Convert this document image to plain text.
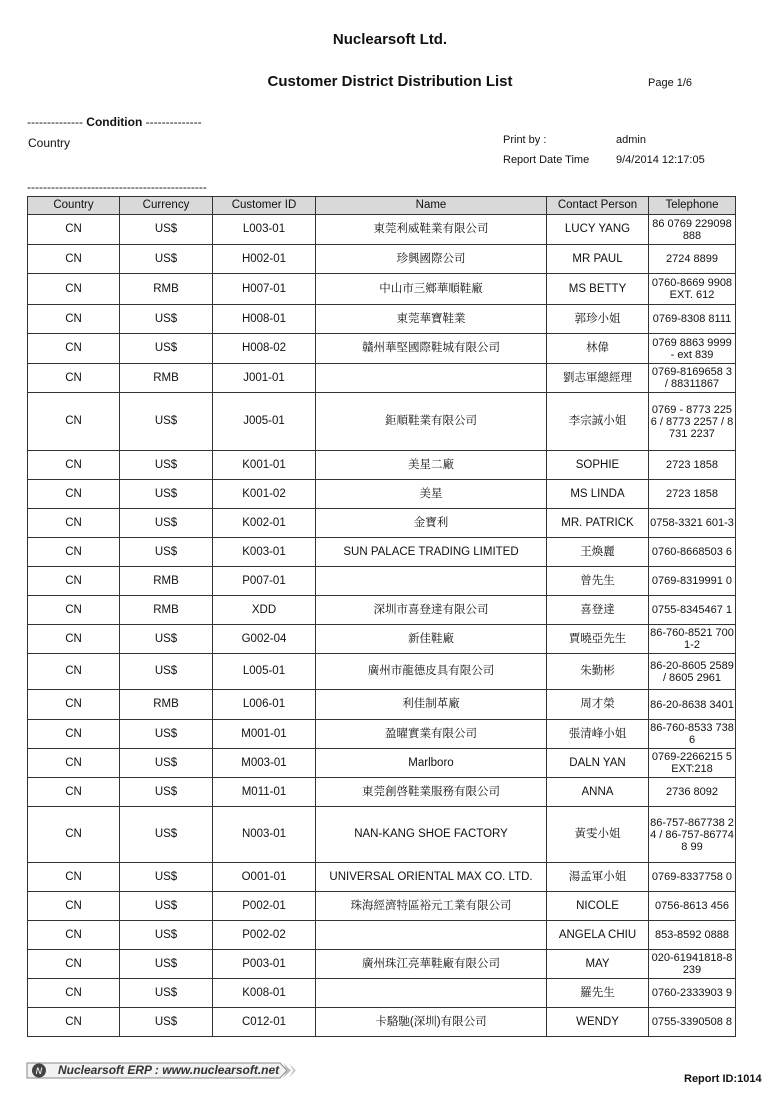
Nuclearsoft Ltd.
Customer District Distribution List	Page 1/6
-------------- Condition --------------
Country	Print by :	admin
Report Date Time 9/4/2014 12:17:05
---------------------------------------------
Country	Currency	Customer ID	Name	Contact Person	Telephone
CN	US$	L003-01	東莞利威鞋業有限公司	LUCY YANG	86 0769 229098888
CN	US$	H002-01	珍興國際公司	MR PAUL	2724 8899
CN	RMB	H007-01	中山市三鄉華順鞋廠	MS BETTY	0760-8669 9908 EXT. 612
CN	US$	H008-01	東莞華寶鞋業	郭珍小姐	0769-8308 8111
CN	US$	H008-02	贛州華堅國際鞋城有限公司	林偉	0769 8863 9999 - ext 839
CN	RMB	J001-01		劉志軍總經理	0769-8169658 3 / 88311867
CN	US$	J005-01	鉅順鞋業有限公司	李宗誠小姐	0769 - 8773 2256 / 8773 2257 / 8731 2237
CN	US$	K001-01	美星二廠	SOPHIE	2723 1858
CN	US$	K001-02	美星	MS LINDA	2723 1858
CN	US$	K002-01	金寶利	MR. PATRICK	0758-3321 601-3
CN	US$	K003-01	SUN PALACE TRADING LIMITED	王煥麗	0760-8668503 6
CN	RMB	P007-01		曾先生	0769-8319991 0
CN	RMB	XDD	深圳市喜登達有限公司	喜登達	0755-8345467 1
CN	US$	G002-04	新佳鞋廠	賈曉亞先生	86-760-8521 7001-2
CN	US$	L005-01	廣州市龍德皮具有限公司	朱勤彬	86-20-8605 2589 / 8605 2961
CN	RMB	L006-01	利佳制革廠	周才榮	86-20-8638 3401
CN	US$	M001-01	盈曜實業有限公司	張清峰小姐	86-760-8533 7386
CN	US$	M003-01	Marlboro	DALN YAN	0769-2266215 5 EXT:218
CN	US$	M011-01	東莞創啓鞋業服務有限公司	ANNA	2736 8092
CN	US$	N003-01	NAN-KANG SHOE FACTORY	黃雯小姐	86-757-867738 24 / 86-757-867748 99
CN	US$	O001-01	UNIVERSAL ORIENTAL MAX CO. LTD.	湯孟軍小姐	0769-8337758 0
CN	US$	P002-01	珠海經濟特區裕元工業有限公司	NICOLE	0756-8613 456
CN	US$	P002-02		ANGELA CHIU	853-8592 0888
CN	US$	P003-01	廣州珠江亮華鞋廠有限公司	MAY	020-61941818-8239
CN	US$	K008-01		羅先生	0760-2333903 9
CN	US$	C012-01	卡駱馳(深圳)有限公司	WENDY	0755-3390508 8
N Nuclearsoft ERP : www.nuclearsoft.net
Report ID:1014
